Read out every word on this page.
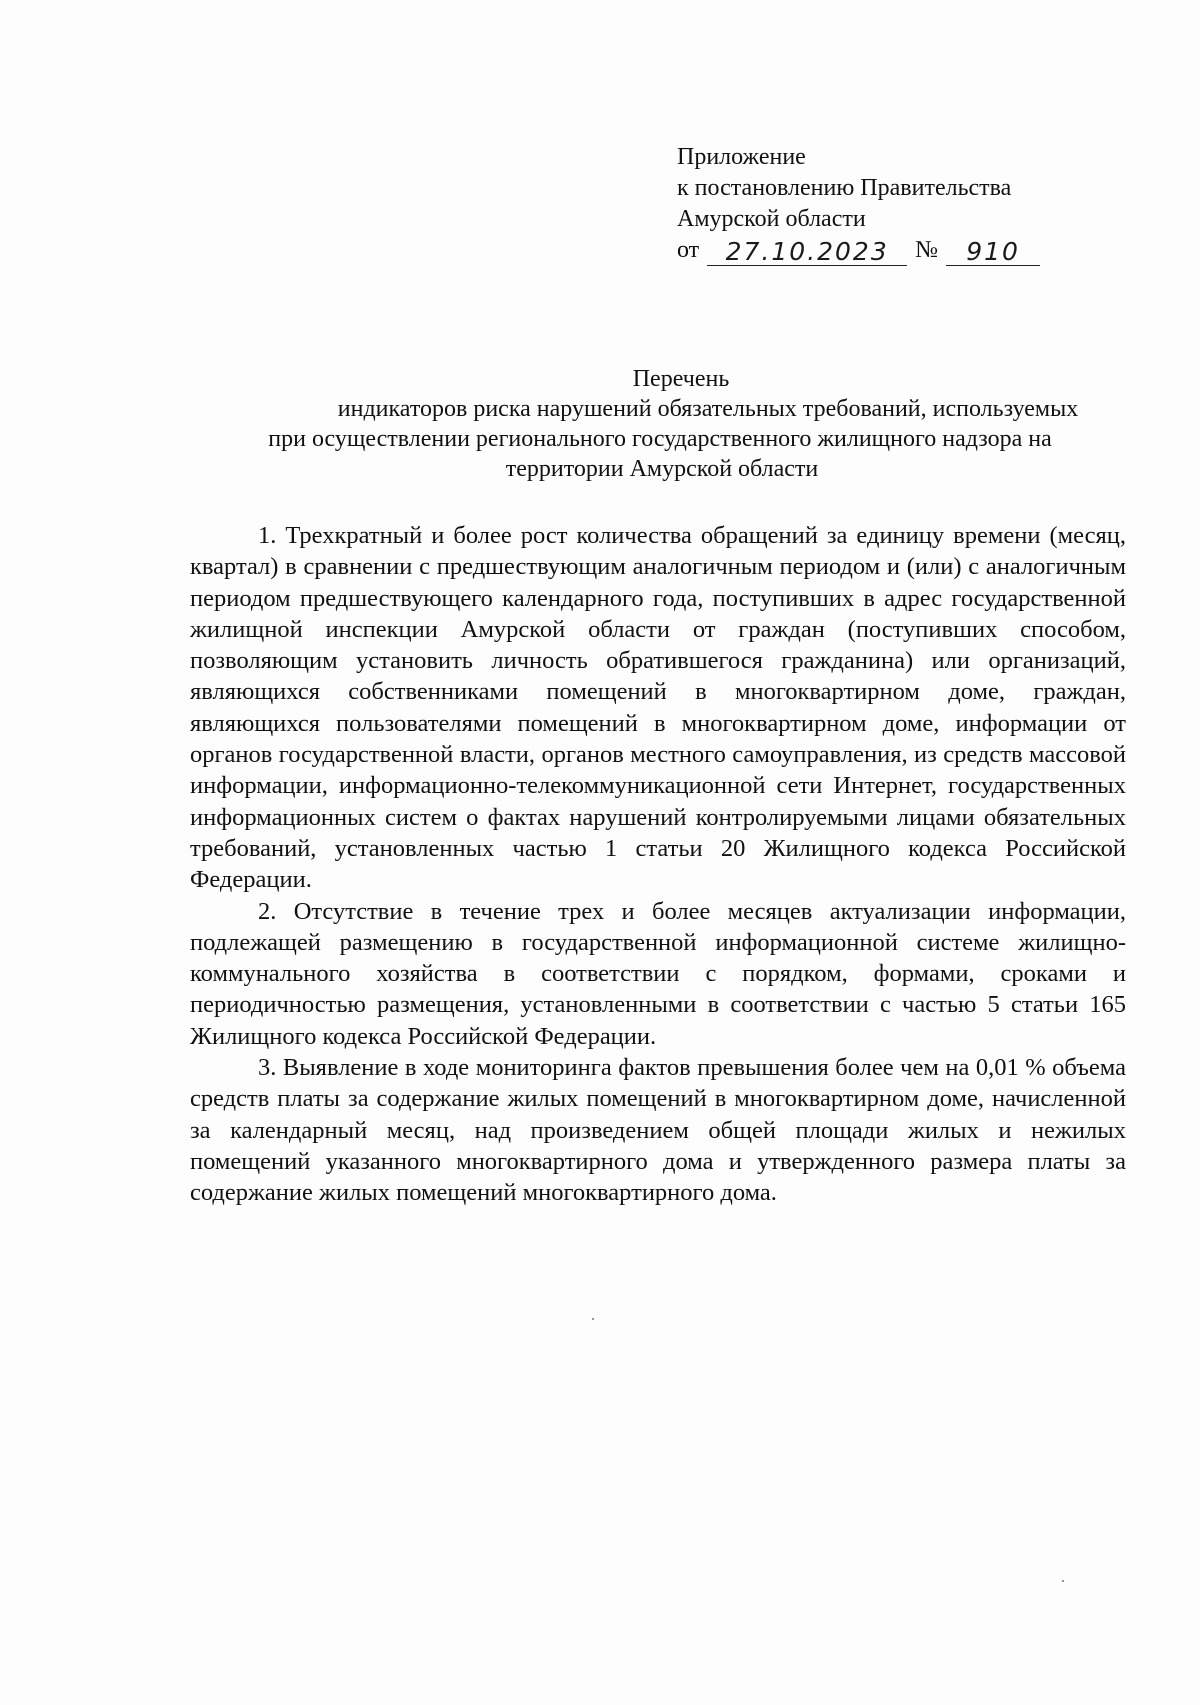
Приложение
к постановлению Правительства
Амурской области
от	27.10.2023	№	910
Перечень
индикаторов риска нарушений обязательных требований, используемых
при осуществлении регионального государственного жилищного надзора на
территории Амурской области

1. Трехкратный и более рост количества обращений за единицу времени (месяц, квартал) в сравнении с предшествующим аналогичным периодом и (или) с аналогичным периодом предшествующего календарного года, поступивших в адрес государственной жилищной инспекции Амурской области от граждан (поступивших способом, позволяющим установить личность обратившегося гражданина) или организаций, являющихся собственниками помещений в многоквартирном доме, граждан, являющихся пользователями помещений в многоквартирном доме, информации от органов государственной власти, органов местного самоуправления, из средств массовой информации, информационно-телекоммуникационной сети Интернет, государственных информационных систем о фактах нарушений контролируемыми лицами обязательных требований, установленных частью 1 статьи 20 Жилищного кодекса Российской Федерации.

2. Отсутствие в течение трех и более месяцев актуализации информации, подлежащей размещению в государственной информационной системе жилищно-коммунального хозяйства в соответствии с порядком, формами, сроками и периодичностью размещения, установленными в соответствии с частью 5 статьи 165 Жилищного кодекса Российской Федерации.

3. Выявление в ходе мониторинга фактов превышения более чем на 0,01 % объема средств платы за содержание жилых помещений в многоквартирном доме, начисленной за календарный месяц, над произведением общей площади жилых и нежилых помещений указанного многоквартирного дома и утвержденного размера платы за содержание жилых помещений многоквартирного дома.
